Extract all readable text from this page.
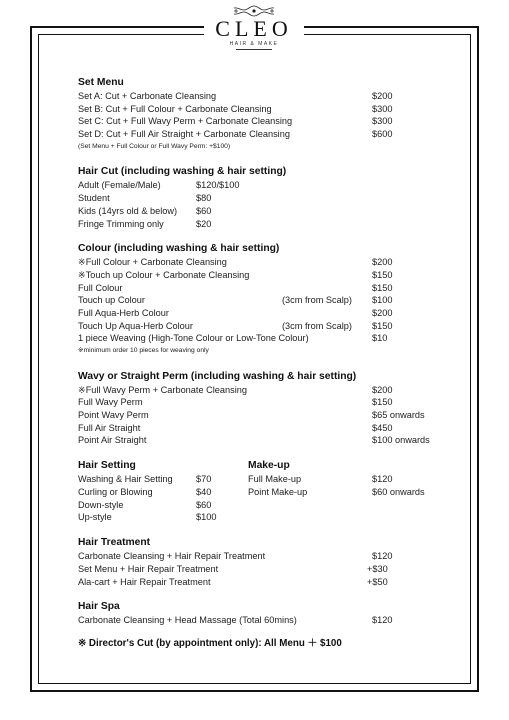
CLEO
HAIR & MAKE
Set Menu
Set A: Cut + Carbonate Cleansing	$200
Set B: Cut + Full Colour + Carbonate Cleansing	$300
Set C: Cut + Full Wavy Perm + Carbonate Cleansing	$300
Set D: Cut + Full Air Straight + Carbonate Cleansing	$600
(Set Menu + Full Colour or Full Wavy Perm: +$100)
Hair Cut (including washing & hair setting)
Adult (Female/Male)	$120/$100
Student	$80
Kids (14yrs old & below) $60
Fringe Trimming only	$20
Colour (including washing & hair setting)
※Full Colour + Carbonate Cleansing	$200
※Touch up Colour + Carbonate Cleansing	$150
Full Colour	$150
Touch up Colour	(3cm from Scalp) $100
Full Aqua-Herb Colour	$200
Touch Up Aqua-Herb Colour	(3cm from Scalp) $150
1 piece Weaving (High-Tone Colour or Low-Tone Colour)	$10
※minimum order 10 pieces for weaving only
Wavy or Straight Perm (including washing & hair setting)
※Full Wavy Perm + Carbonate Cleansing	$200
Full Wavy Perm	$150
Point Wavy Perm	$65 onwards
Full Air Straight	$450
Point Air Straight	$100 onwards
Hair Setting
Washing & Hair Setting	$70
Curling or Blowing	$40
Down-style	$60
Up-style	$100
Make-up
Full Make-up	$120
Point Make-up	$60 onwards
Hair Treatment
Carbonate Cleansing + Hair Repair Treatment	$120
Set Menu + Hair Repair Treatment	+$30
Ala-cart + Hair Repair Treatment	+$50
Hair Spa
Carbonate Cleansing + Head Massage (Total 60mins)	$120
※ Director's Cut (by appointment only): All Menu ＋ $100
